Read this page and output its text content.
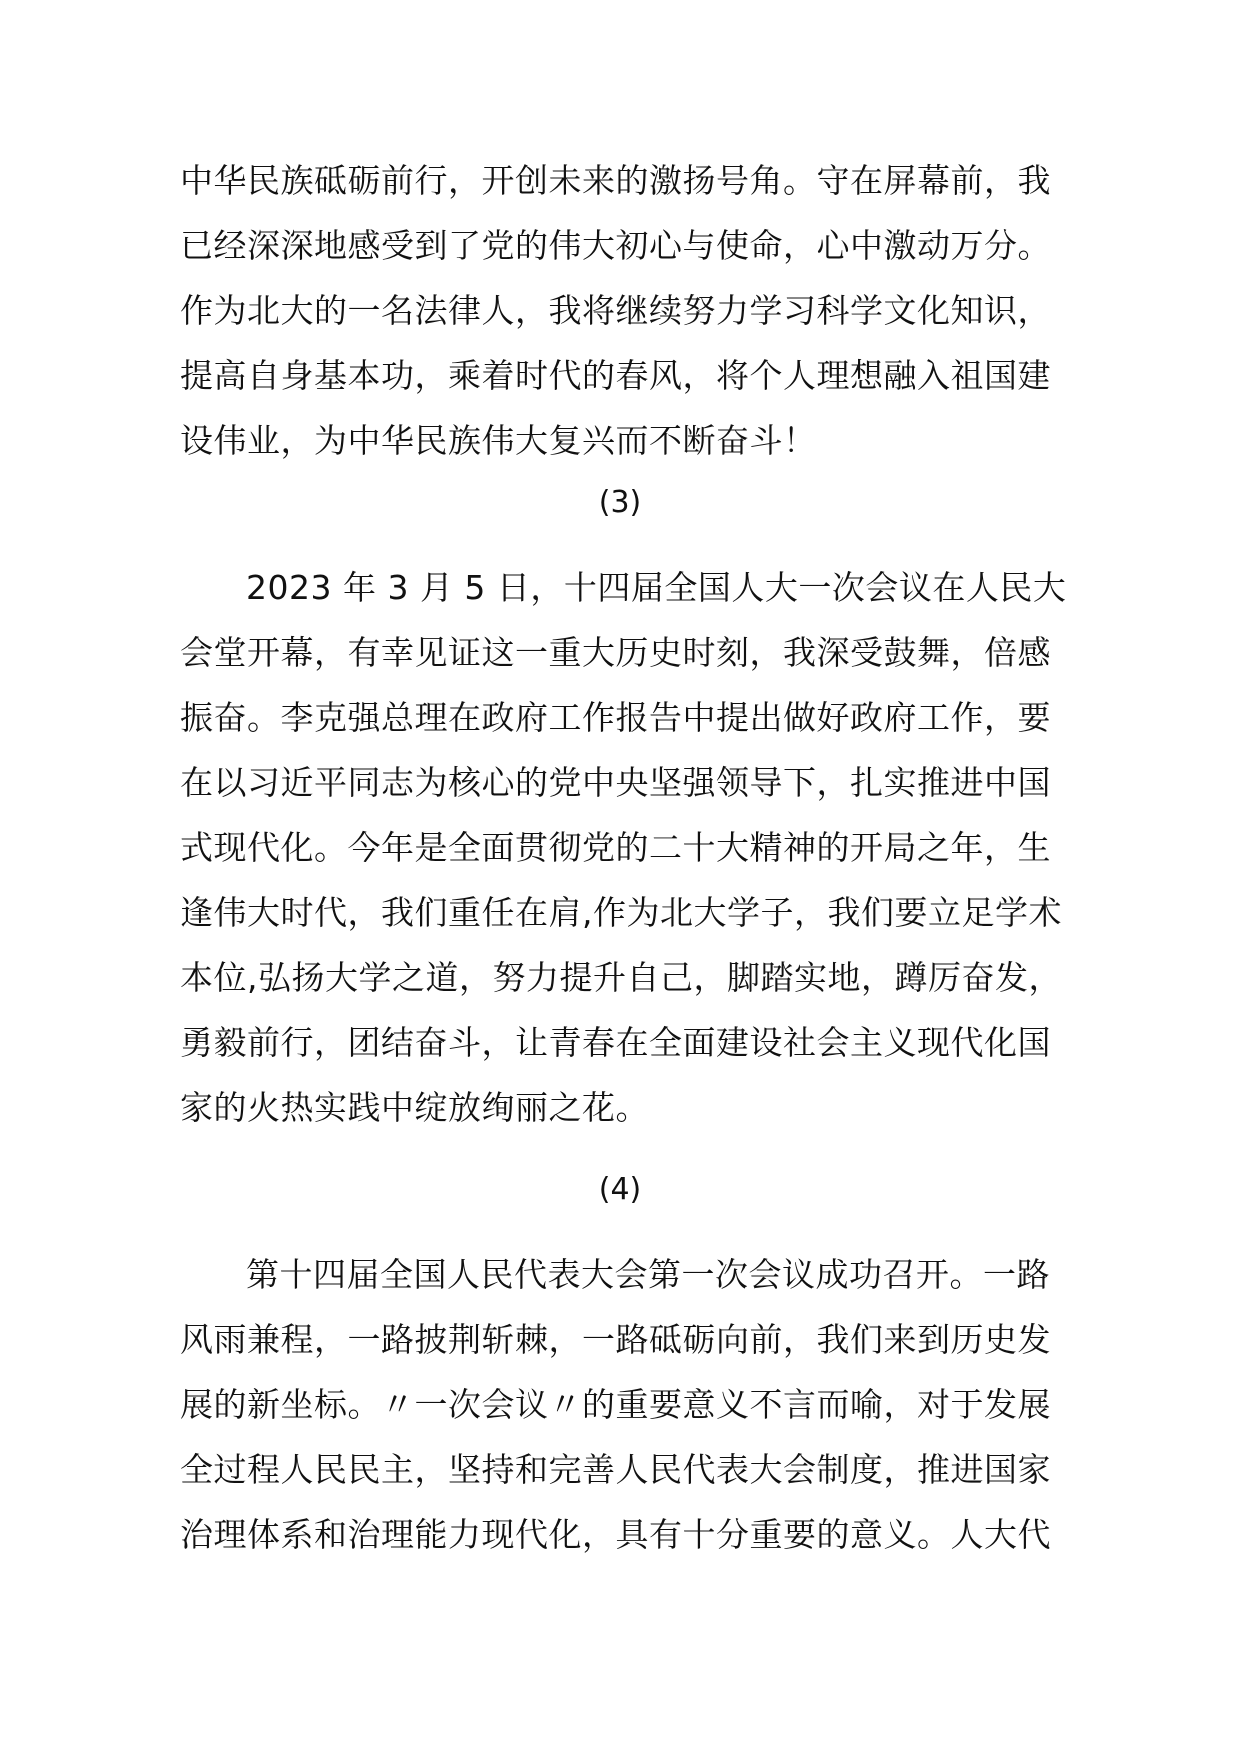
中华民族砥砺前行，开创未来的激扬号角。守在屏幕前，我
已经深深地感受到了党的伟大初心与使命，心中激动万分。
作为北大的一名法律人，我将继续努力学习科学文化知识，
提高自身基本功，乘着时代的春风，将个人理想融入祖国建
设伟业，为中华民族伟大复兴而不断奋斗！
(3)
2023 年 3 月 5 日，十四届全国人大一次会议在人民大
会堂开幕，有幸见证这一重大历史时刻，我深受鼓舞，倍感
振奋。李克强总理在政府工作报告中提出做好政府工作，要
在以习近平同志为核心的党中央坚强领导下，扎实推进中国
式现代化。今年是全面贯彻党的二十大精神的开局之年，生
逢伟大时代，我们重任在肩,作为北大学子，我们要立足学术
本位,弘扬大学之道，努力提升自己，脚踏实地，蹲厉奋发，
勇毅前行，团结奋斗，让青春在全面建设社会主义现代化国
家的火热实践中绽放绚丽之花。
(4)
第十四届全国人民代表大会第一次会议成功召开。一路
风雨兼程，一路披荆斩棘，一路砥砺向前，我们来到历史发
展的新坐标。〃一次会议〃的重要意义不言而喻，对于发展
全过程人民民主，坚持和完善人民代表大会制度，推进国家
治理体系和治理能力现代化，具有十分重要的意义。人大代
